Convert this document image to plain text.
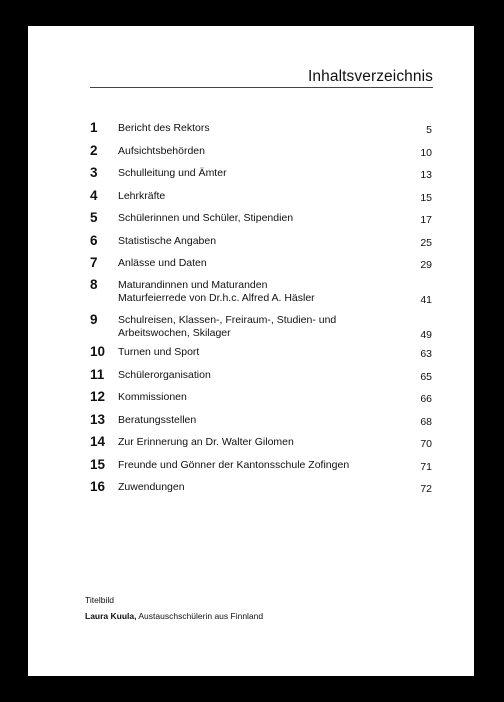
Inhaltsverzeichnis
1 Bericht des Rektors	5
2 Aufsichtsbehörden	10
3 Schulleitung und Ämter	13
4 Lehrkräfte	15
5 Schülerinnen und Schüler, Stipendien	17
6 Statistische Angaben	25
7 Anlässe und Daten	29
8 Maturandinnen und Maturanden
Maturfeierrede von Dr.h.c. Alfred A. Häsler	41
9 Schulreisen, Klassen-, Freiraum-, Studien- und
Arbeitswochen, Skilager	49
10 Turnen und Sport	63
11 Schülerorganisation	65
12 Kommissionen	66
13 Beratungsstellen	68
14 Zur Erinnerung an Dr. Walter Gilomen	70
15 Freunde und Gönner der Kantonsschule Zofingen	71
16 Zuwendungen	72
Titelbild
Laura Kuula, Austauschschülerin aus Finnland
